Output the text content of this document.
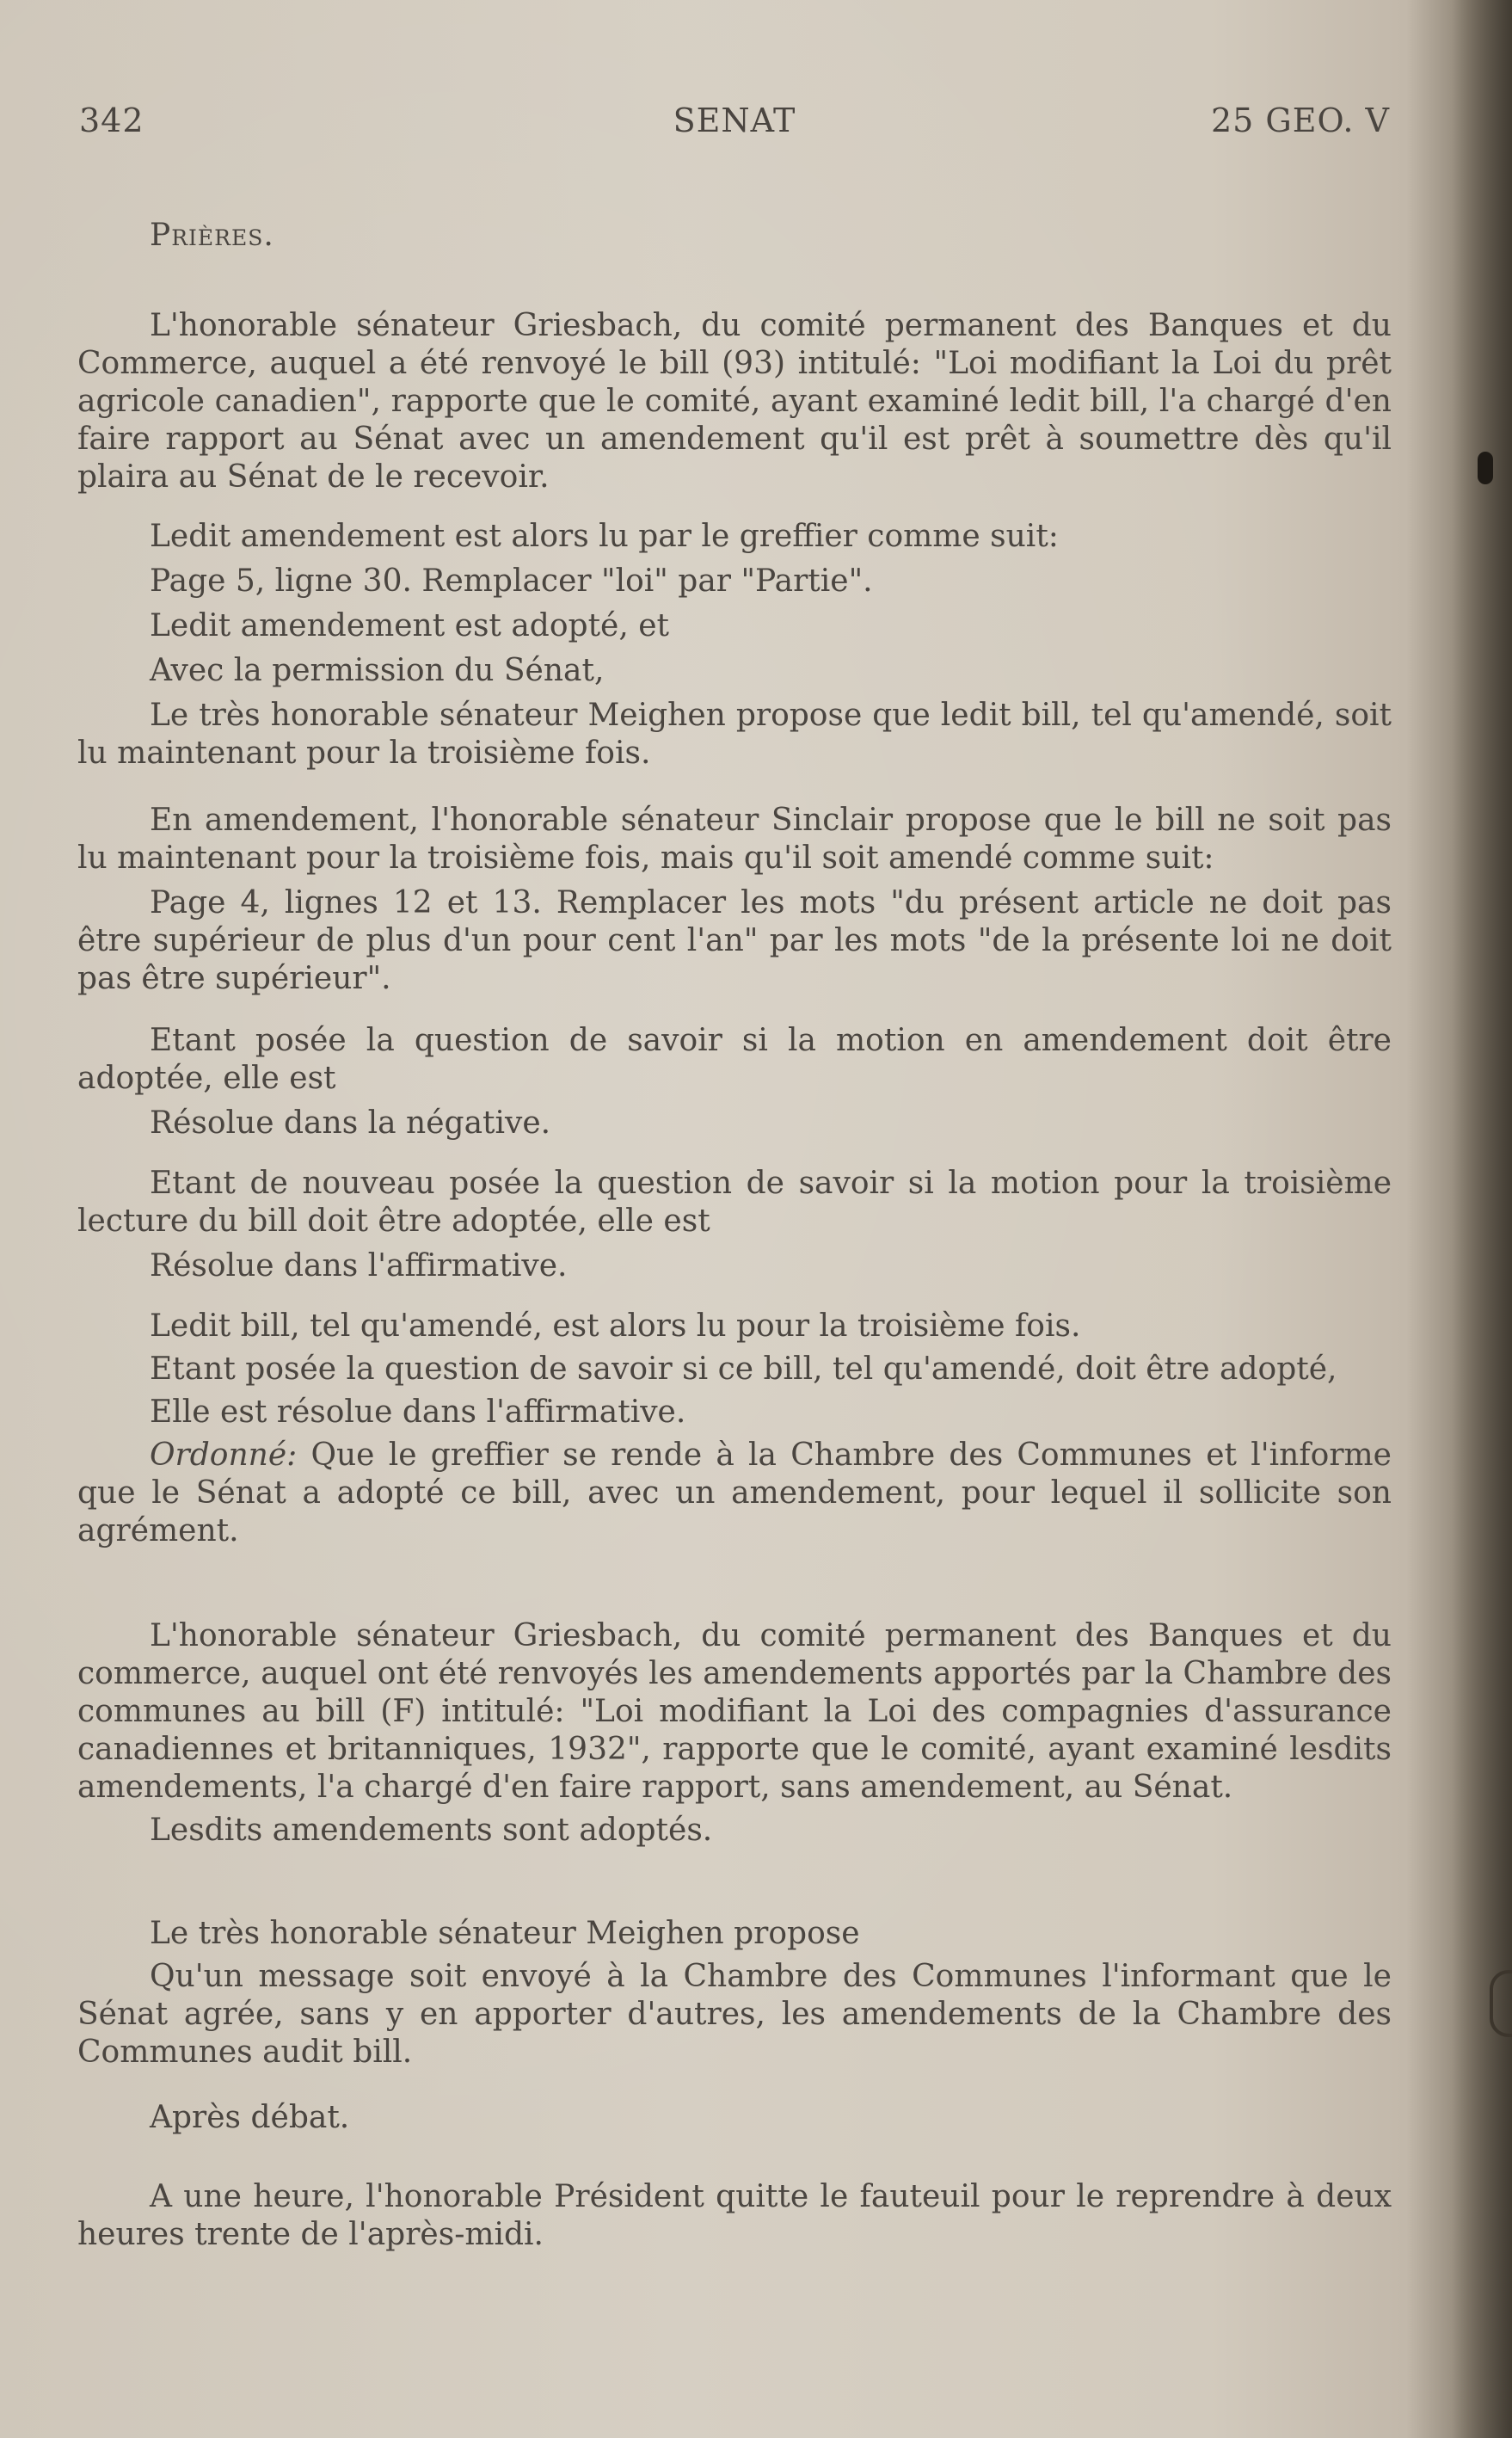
342	SENAT	25 GEO. V

Prières.

L'honorable sénateur Griesbach, du comité permanent des Banques et du Commerce, auquel a été renvoyé le bill (93) intitulé: "Loi modifiant la Loi du prêt agricole canadien", rapporte que le comité, ayant examiné ledit bill, l'a chargé d'en faire rapport au Sénat avec un amendement qu'il est prêt à soumettre dès qu'il plaira au Sénat de le recevoir.

Ledit amendement est alors lu par le greffier comme suit:

Page 5, ligne 30. Remplacer "loi" par "Partie".

Ledit amendement est adopté, et

Avec la permission du Sénat,

Le très honorable sénateur Meighen propose que ledit bill, tel qu'amendé, soit lu maintenant pour la troisième fois.

En amendement, l'honorable sénateur Sinclair propose que le bill ne soit pas lu maintenant pour la troisième fois, mais qu'il soit amendé comme suit:

Page 4, lignes 12 et 13. Remplacer les mots "du présent article ne doit pas être supérieur de plus d'un pour cent l'an" par les mots "de la présente loi ne doit pas être supérieur".

Etant posée la question de savoir si la motion en amendement doit être adoptée, elle est

Résolue dans la négative.

Etant de nouveau posée la question de savoir si la motion pour la troisième lecture du bill doit être adoptée, elle est

Résolue dans l'affirmative.

Ledit bill, tel qu'amendé, est alors lu pour la troisième fois.

Etant posée la question de savoir si ce bill, tel qu'amendé, doit être adopté,

Elle est résolue dans l'affirmative.

Ordonné: Que le greffier se rende à la Chambre des Communes et l'informe que le Sénat a adopté ce bill, avec un amendement, pour lequel il sollicite son agrément.

L'honorable sénateur Griesbach, du comité permanent des Banques et du commerce, auquel ont été renvoyés les amendements apportés par la Chambre des communes au bill (F) intitulé: "Loi modifiant la Loi des compagnies d'assurance canadiennes et britanniques, 1932", rapporte que le comité, ayant examiné lesdits amendements, l'a chargé d'en faire rapport, sans amendement, au Sénat.

Lesdits amendements sont adoptés.

Le très honorable sénateur Meighen propose

Qu'un message soit envoyé à la Chambre des Communes l'informant que le Sénat agrée, sans y en apporter d'autres, les amendements de la Chambre des Communes audit bill.

Après débat.

A une heure, l'honorable Président quitte le fauteuil pour le reprendre à deux heures trente de l'après-midi.
